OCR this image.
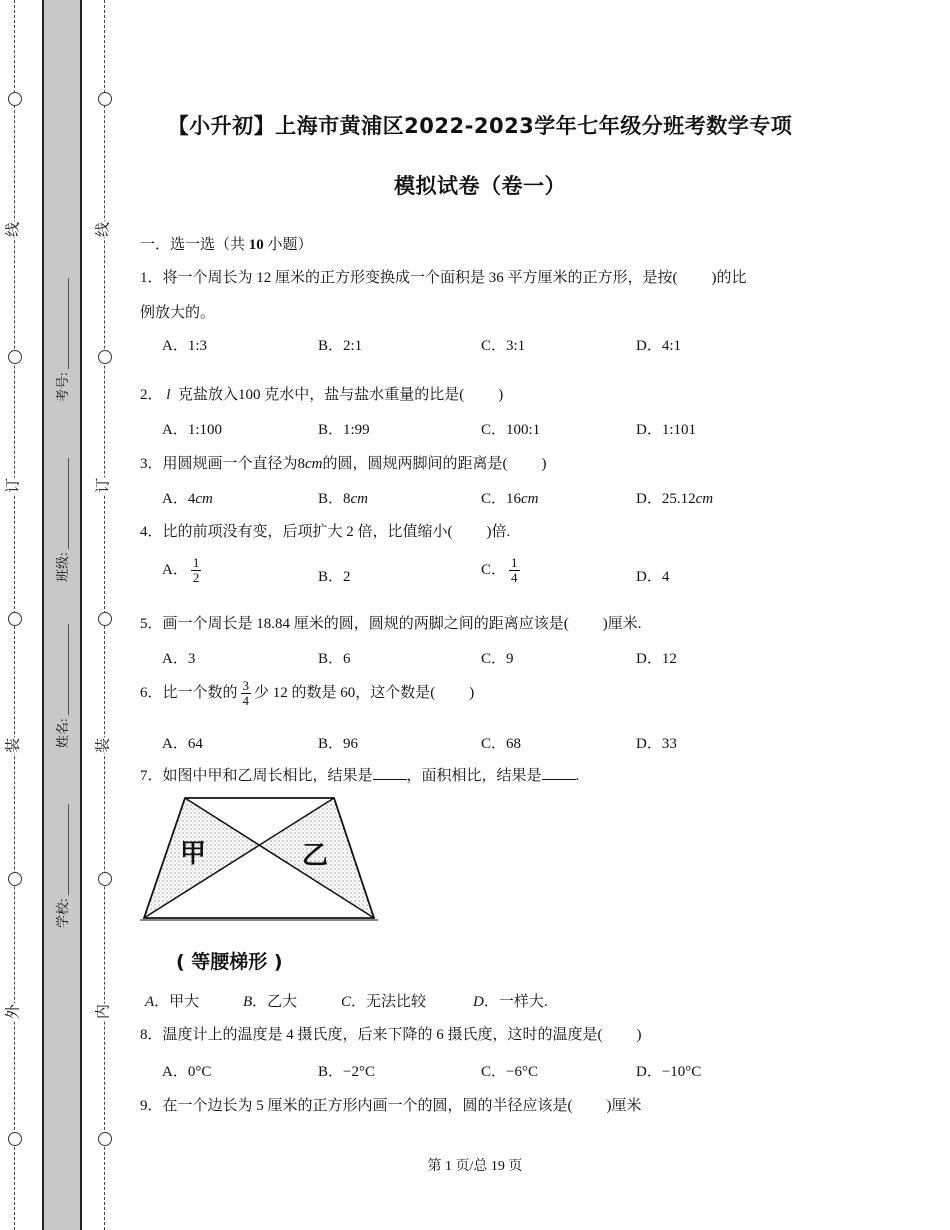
线
订
装
外
线
订
装
内
考号: ______________
班级: ______________
姓名: ______________
学校: ______________
【小升初】上海市黄浦区2022-2023学年七年级分班考数学专项
模拟试卷（卷一）
一．选一选（共 10 小题）
1．将一个周长为 12 厘米的正方形变换成一个面积是 36 平方厘米的正方形，是按( )的比
例放大的。
A．1:3	B．2:1	C．3:1	D．4:1
2． l 克盐放入100 克水中，盐与盐水重量的比是( )
A．1:100	B．1:99	C．100:1	D．1:101
3．用圆规画一个直径为8cm的圆，圆规两脚间的距离是( )
A．4cm	B．8cm	C．16cm	D．25.12cm
4．比的前项没有变，后项扩大 2 倍，比值缩小( )倍.
A． $\frac{1}{2}$	B．2	C． $\frac{1}{4}$	D．4
5．画一个周长是 18.84 厘米的圆，圆规的两脚之间的距离应该是( )厘米.
A．3	B．6	C．9	D．12
6．比一个数的 $\frac{3}{4}$ 少 12 的数是 60，这个数是( )
A．64	B．96	C．68	D．33
7．如图中甲和乙周长相比，结果是 ，面积相比，结果是 .
甲	乙
( 等腰梯形 )
A．甲大	B．乙大	C．无法比较	D．一样大.
8．温度计上的温度是 4 摄氏度，后来下降的 6 摄氏度，这时的温度是( )
A．0°C	B．−2°C	C．−6°C	D．−10°C
9．在一个边长为 5 厘米的正方形内画一个的圆，圆的半径应该是( )厘米
第 1 页/总 19 页
